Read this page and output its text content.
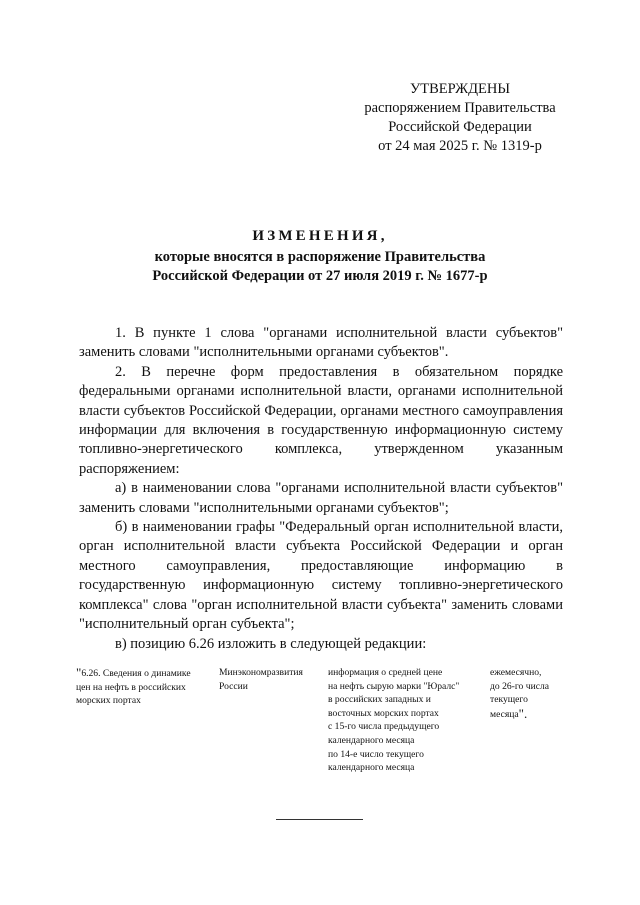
УТВЕРЖДЕНЫ
распоряжением Правительства
Российской Федерации
от 24 мая 2025 г. № 1319-р
ИЗМЕНЕНИЯ,
которые вносятся в распоряжение Правительства
Российской Федерации от 27 июля 2019 г. № 1677-р

1. В пункте 1 слова "органами исполнительной власти субъектов" заменить словами "исполнительными органами субъектов".

2. В перечне форм предоставления в обязательном порядке федеральными органами исполнительной власти, органами исполнительной власти субъектов Российской Федерации, органами местного самоуправления информации для включения в государственную информационную систему топливно-энергетического комплекса, утвержденном указанным распоряжением:

а) в наименовании слова "органами исполнительной власти субъектов" заменить словами "исполнительными органами субъектов";

б) в наименовании графы "Федеральный орган исполнительной власти, орган исполнительной власти субъекта Российской Федерации и орган местного самоуправления, предоставляющие информацию в государственную информационную систему топливно-энергетического комплекса" слова "орган исполнительной власти субъекта" заменить словами "исполнительный орган субъекта";

в) позицию 6.26 изложить в следующей редакции:

"6.26. Сведения о динамике
цен на нефть в российских
морских портах
Минэкономразвития
России
информация о средней цене
на нефть сырую марки "Юралс"
в российских западных и
восточных морских портах
с 15-го числа предыдущего
календарного месяца
по 14-е число текущего
календарного месяца
ежемесячно,
до 26-го числа
текущего
месяца".
